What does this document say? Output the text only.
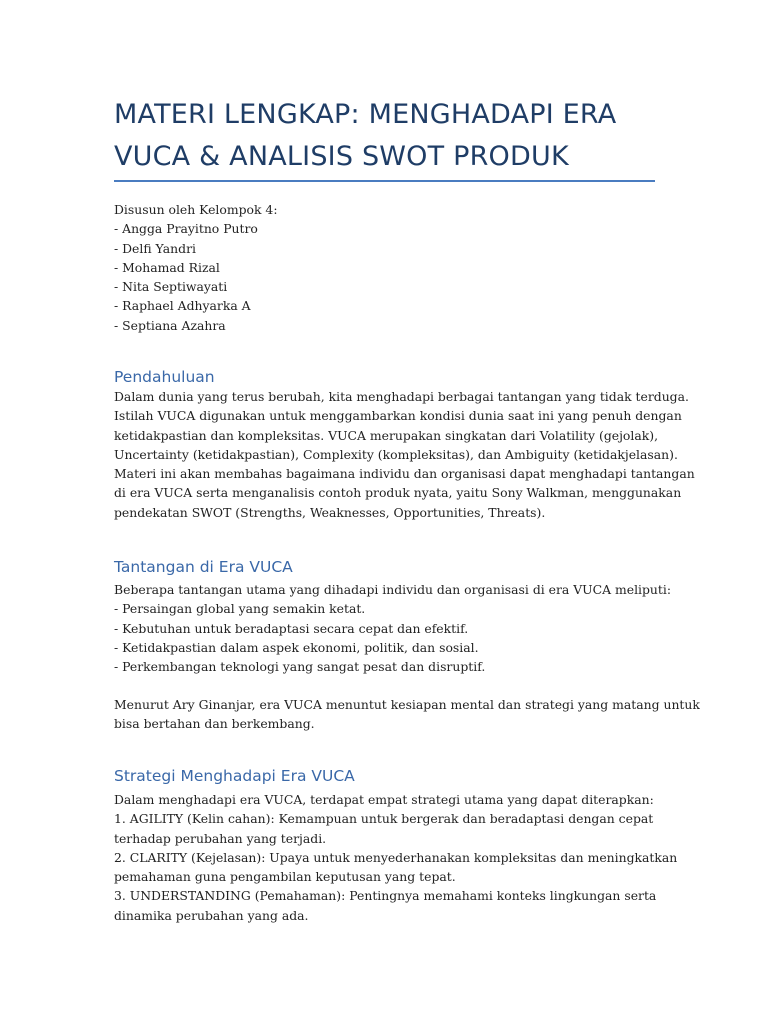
MATERI LENGKAP: MENGHADAPI ERA
VUCA & ANALISIS SWOT PRODUK
Disusun oleh Kelompok 4:
- Angga Prayitno Putro
- Delfi Yandri
- Mohamad Rizal
- Nita Septiwayati
- Raphael Adhyarka A
- Septiana Azahra
Pendahuluan
Dalam dunia yang terus berubah, kita menghadapi berbagai tantangan yang tidak terduga.
Istilah VUCA digunakan untuk menggambarkan kondisi dunia saat ini yang penuh dengan
ketidakpastian dan kompleksitas. VUCA merupakan singkatan dari Volatility (gejolak),
Uncertainty (ketidakpastian), Complexity (kompleksitas), dan Ambiguity (ketidakjelasan).
Materi ini akan membahas bagaimana individu dan organisasi dapat menghadapi tantangan
di era VUCA serta menganalisis contoh produk nyata, yaitu Sony Walkman, menggunakan
pendekatan SWOT (Strengths, Weaknesses, Opportunities, Threats).
Tantangan di Era VUCA
Beberapa tantangan utama yang dihadapi individu dan organisasi di era VUCA meliputi:
- Persaingan global yang semakin ketat.
- Kebutuhan untuk beradaptasi secara cepat dan efektif.
- Ketidakpastian dalam aspek ekonomi, politik, dan sosial.
- Perkembangan teknologi yang sangat pesat dan disruptif.
Menurut Ary Ginanjar, era VUCA menuntut kesiapan mental dan strategi yang matang untuk
bisa bertahan dan berkembang.
Strategi Menghadapi Era VUCA
Dalam menghadapi era VUCA, terdapat empat strategi utama yang dapat diterapkan:
1. AGILITY (Kelin cahan): Kemampuan untuk bergerak dan beradaptasi dengan cepat
terhadap perubahan yang terjadi.
2. CLARITY (Kejelasan): Upaya untuk menyederhanakan kompleksitas dan meningkatkan
pemahaman guna pengambilan keputusan yang tepat.
3. UNDERSTANDING (Pemahaman): Pentingnya memahami konteks lingkungan serta
dinamika perubahan yang ada.
